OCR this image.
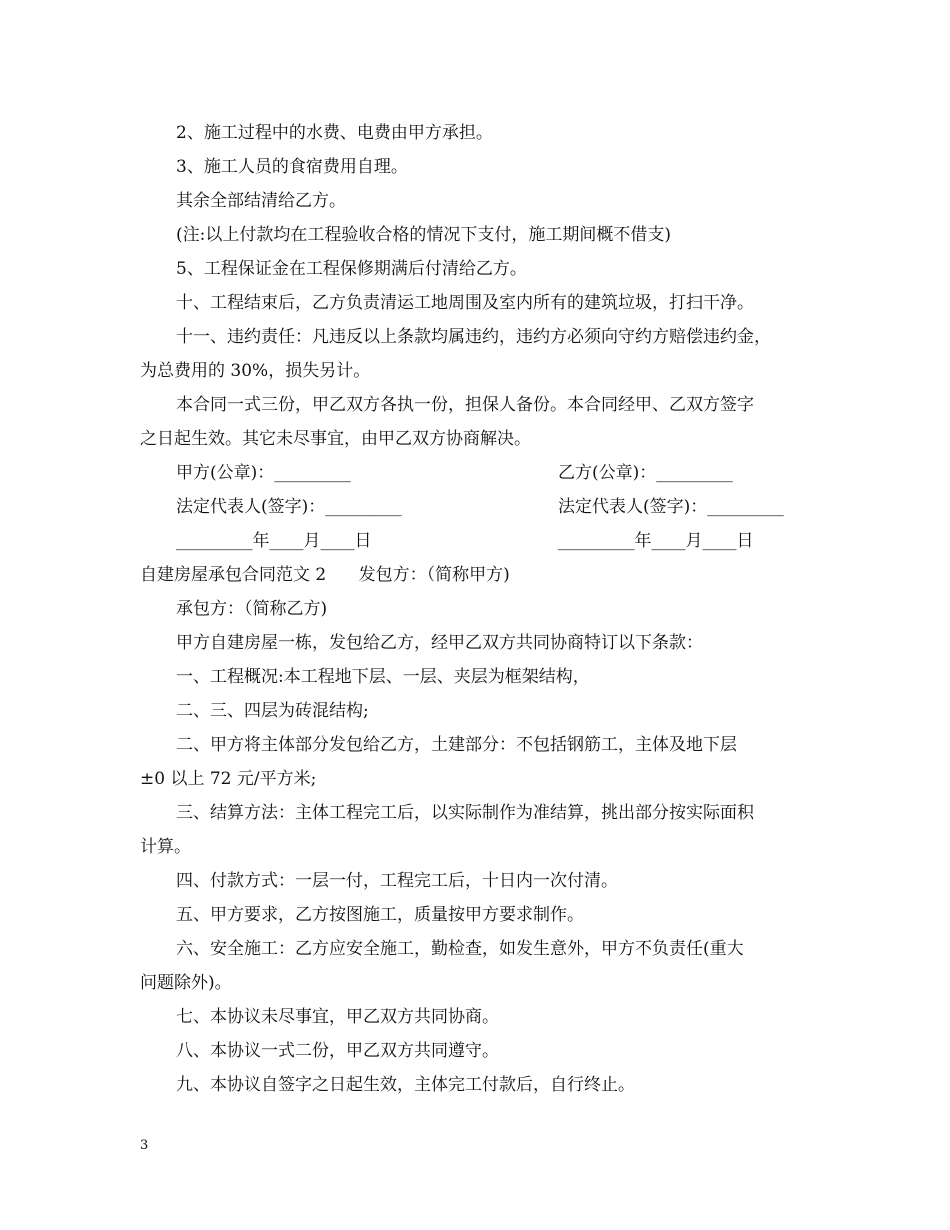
2、施工过程中的水费、电费由甲方承担。

3、施工人员的食宿费用自理。

其余全部结清给乙方。

(注:以上付款均在工程验收合格的情况下支付，施工期间概不借支)

5、工程保证金在工程保修期满后付清给乙方。

十、工程结束后，乙方负责清运工地周围及室内所有的建筑垃圾，打扫干净。

十一、违约责任：凡违反以上条款均属违约，违约方必须向守约方赔偿违约金，

为总费用的 30%，损失另计。

本合同一式三份，甲乙双方各执一份，担保人备份。本合同经甲、乙双方签字

之日起生效。其它未尽事宜，由甲乙双方协商解决。

甲方(公章)：_________	乙方(公章)：_________
法定代表人(签字)：_________	法定代表人(签字)：_________
_________年____月____日	_________年____月____日

自建房屋承包合同范文 2      发包方：（简称甲方)

承包方：（简称乙方)

甲方自建房屋一栋，发包给乙方，经甲乙双方共同协商特订以下条款：

一、工程概况:本工程地下层、一层、夹层为框架结构，

二、三、四层为砖混结构;

二、甲方将主体部分发包给乙方，土建部分：不包括钢筋工，主体及地下层

±0 以上 72 元/平方米;

三、结算方法：主体工程完工后，以实际制作为准结算，挑出部分按实际面积

计算。

四、付款方式：一层一付，工程完工后，十日内一次付清。

五、甲方要求，乙方按图施工，质量按甲方要求制作。

六、安全施工：乙方应安全施工，勤检查，如发生意外，甲方不负责任(重大

问题除外)。

七、本协议未尽事宜，甲乙双方共同协商。

八、本协议一式二份，甲乙双方共同遵守。

九、本协议自签字之日起生效，主体完工付款后，自行终止。

3
